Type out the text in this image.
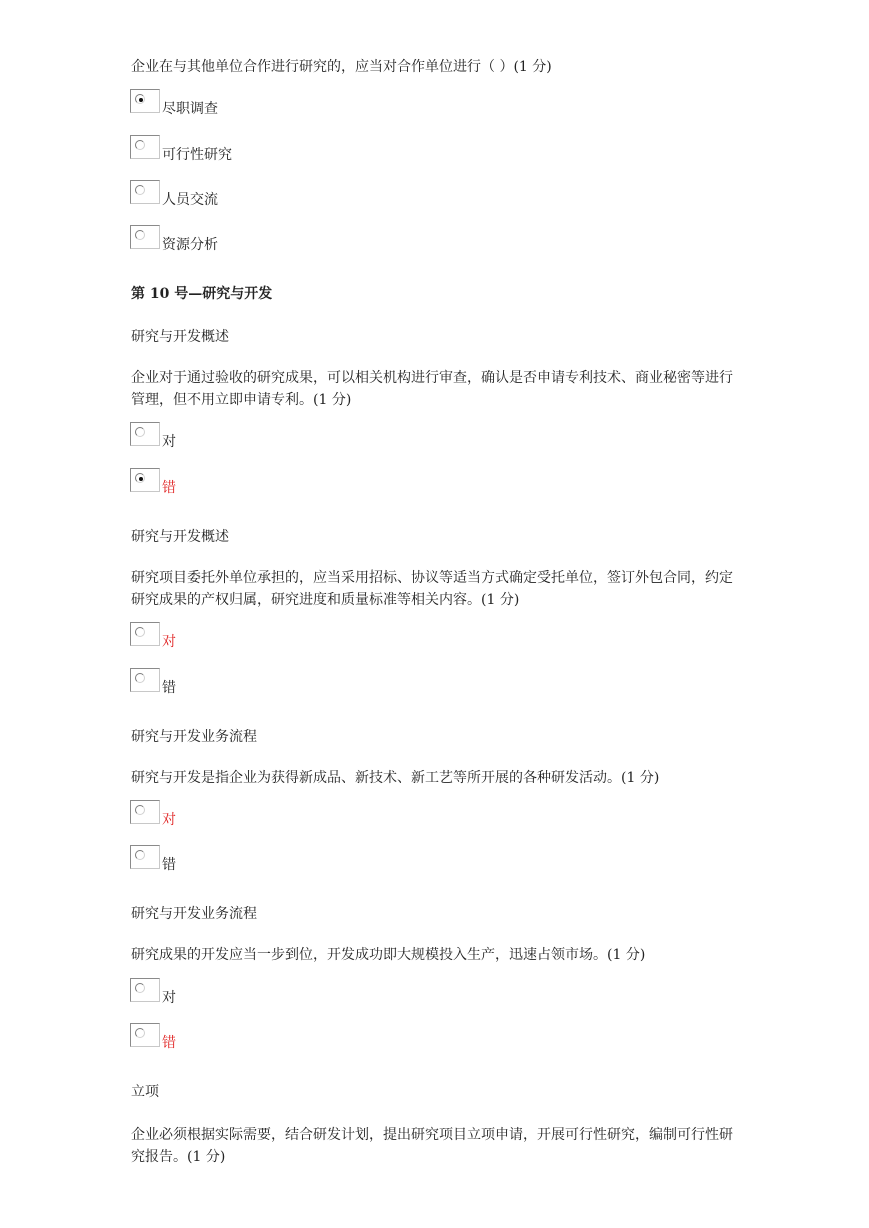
企业在与其他单位合作进行研究的，应当对合作单位进行（ ）(1 分)
尽职调查
可行性研究
人员交流
资源分析
第 10 号—研究与开发
研究与开发概述
企业对于通过验收的研究成果，可以相关机构进行审查，确认是否申请专利技术、商业秘密等进行管理，但不用立即申请专利。(1 分)
对
错
研究与开发概述
研究项目委托外单位承担的，应当采用招标、协议等适当方式确定受托单位，签订外包合同，约定研究成果的产权归属，研究进度和质量标准等相关内容。(1 分)
对
错
研究与开发业务流程
研究与开发是指企业为获得新成品、新技术、新工艺等所开展的各种研发活动。(1 分)
对
错
研究与开发业务流程
研究成果的开发应当一步到位，开发成功即大规模投入生产，迅速占领市场。(1 分)
对
错
立项
企业必须根据实际需要，结合研发计划，提出研究项目立项申请，开展可行性研究，编制可行性研究报告。(1 分)
